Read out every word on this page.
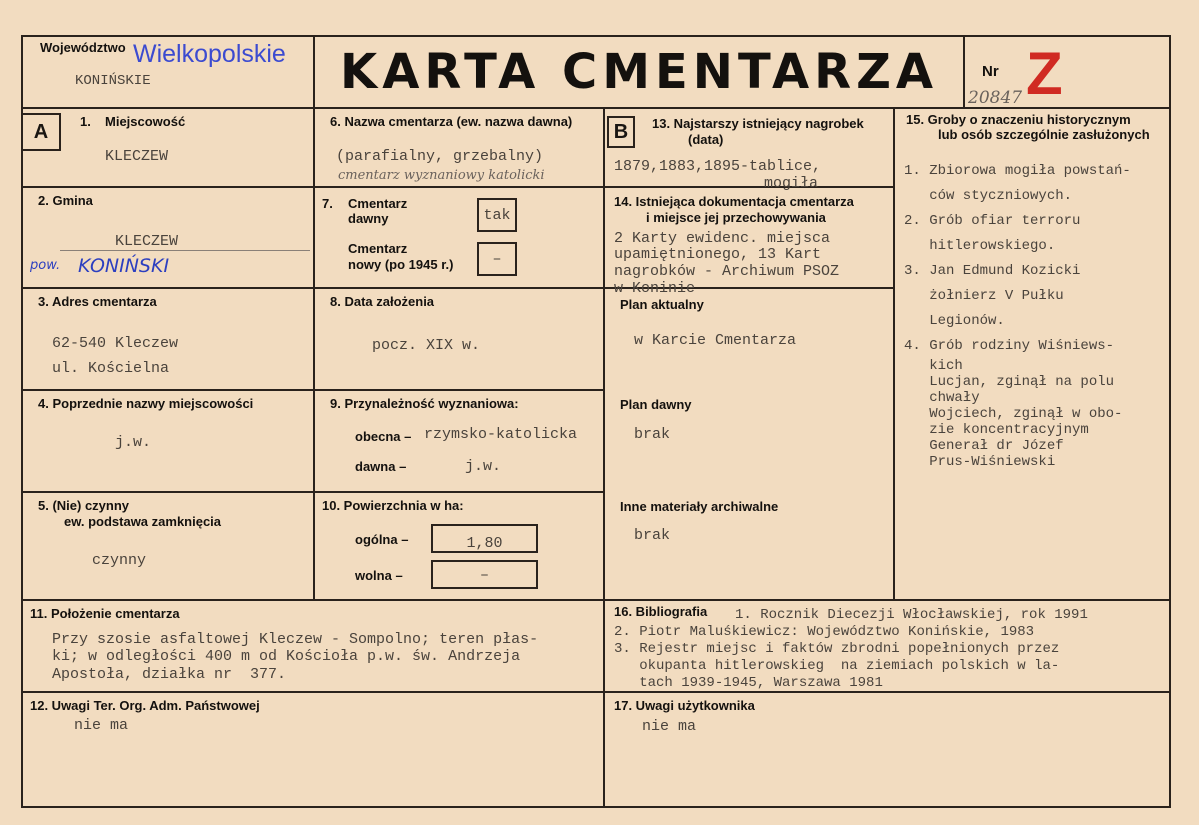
Województwo Wielkopolskie
KONIŃSKIE	KARTA CMENTARZA	Nr Z
20847
A	1. Miejscowość
KLECZEW
2. Gmina
KLECZEW
pow. KONIŃSKI
3. Adres cmentarza
62-540 Kleczew
ul. Kościelna
4. Poprzednie nazwy miejscowości
j.w.
5. (Nie) czynny
ew. podstawa zamknięcia
czynny
6. Nazwa cmentarza (ew. nazwa dawna)
(parafialny, grzebalny)
cmentarz wyznaniowy katolicki
7. Cmentarz
dawny	tak
Cmentarz
nowy (po 1945 r.)	–
8. Data założenia
pocz. XIX w.
9. Przynależność wyznaniowa:
obecna – rzymsko-katolicka
dawna –	j.w.
10. Powierzchnia w ha:
ogólna –	1,80
wolna –	–
11. Położenie cmentarza
Przy szosie asfaltowej Kleczew - Sompolno; teren płas-
ki; w odległości 400 m od Kościoła p.w. św. Andrzeja
Apostoła, działka nr  377.
12. Uwagi Ter. Org. Adm. Państwowej
nie ma
B	13. Najstarszy istniejący nagrobek
(data)
1879,1883,1895-tablice,
mogiła
14. Istniejąca dokumentacja cmentarza
i miejsce jej przechowywania
2 Karty ewidenc. miejsca
upamiętnionego, 13 Kart
nagrobków - Archiwum PSOZ
w Koninie
Plan aktualny
w Karcie Cmentarza
Plan dawny
brak
Inne materiały archiwalne
brak
15. Groby o znaczeniu historycznym
lub osób szczególnie zasłużonych
1. Zbiorowa mogiła powstań-
ców styczniowych.
2. Grób ofiar terroru
hitlerowskiego.
3. Jan Edmund Kozicki
żołnierz V Pułku
Legionów.
4. Grób rodziny Wiśniews-
kich
Lucjan, zginął na polu
chwały
Wojciech, zginął w obo-
zie koncentracyjnym
Generał dr Józef
Prus-Wiśniewski
16. Bibliografia 1. Rocznik Diecezji Włocławskiej, rok 1991
2. Piotr Maluśkiewicz: Województwo Konińskie, 1983
3. Rejestr miejsc i faktów zbrodni popełnionych przez
okupanta hitlerowskieg  na ziemiach polskich w la-
tach 1939-1945, Warszawa 1981
17. Uwagi użytkownika
nie ma
